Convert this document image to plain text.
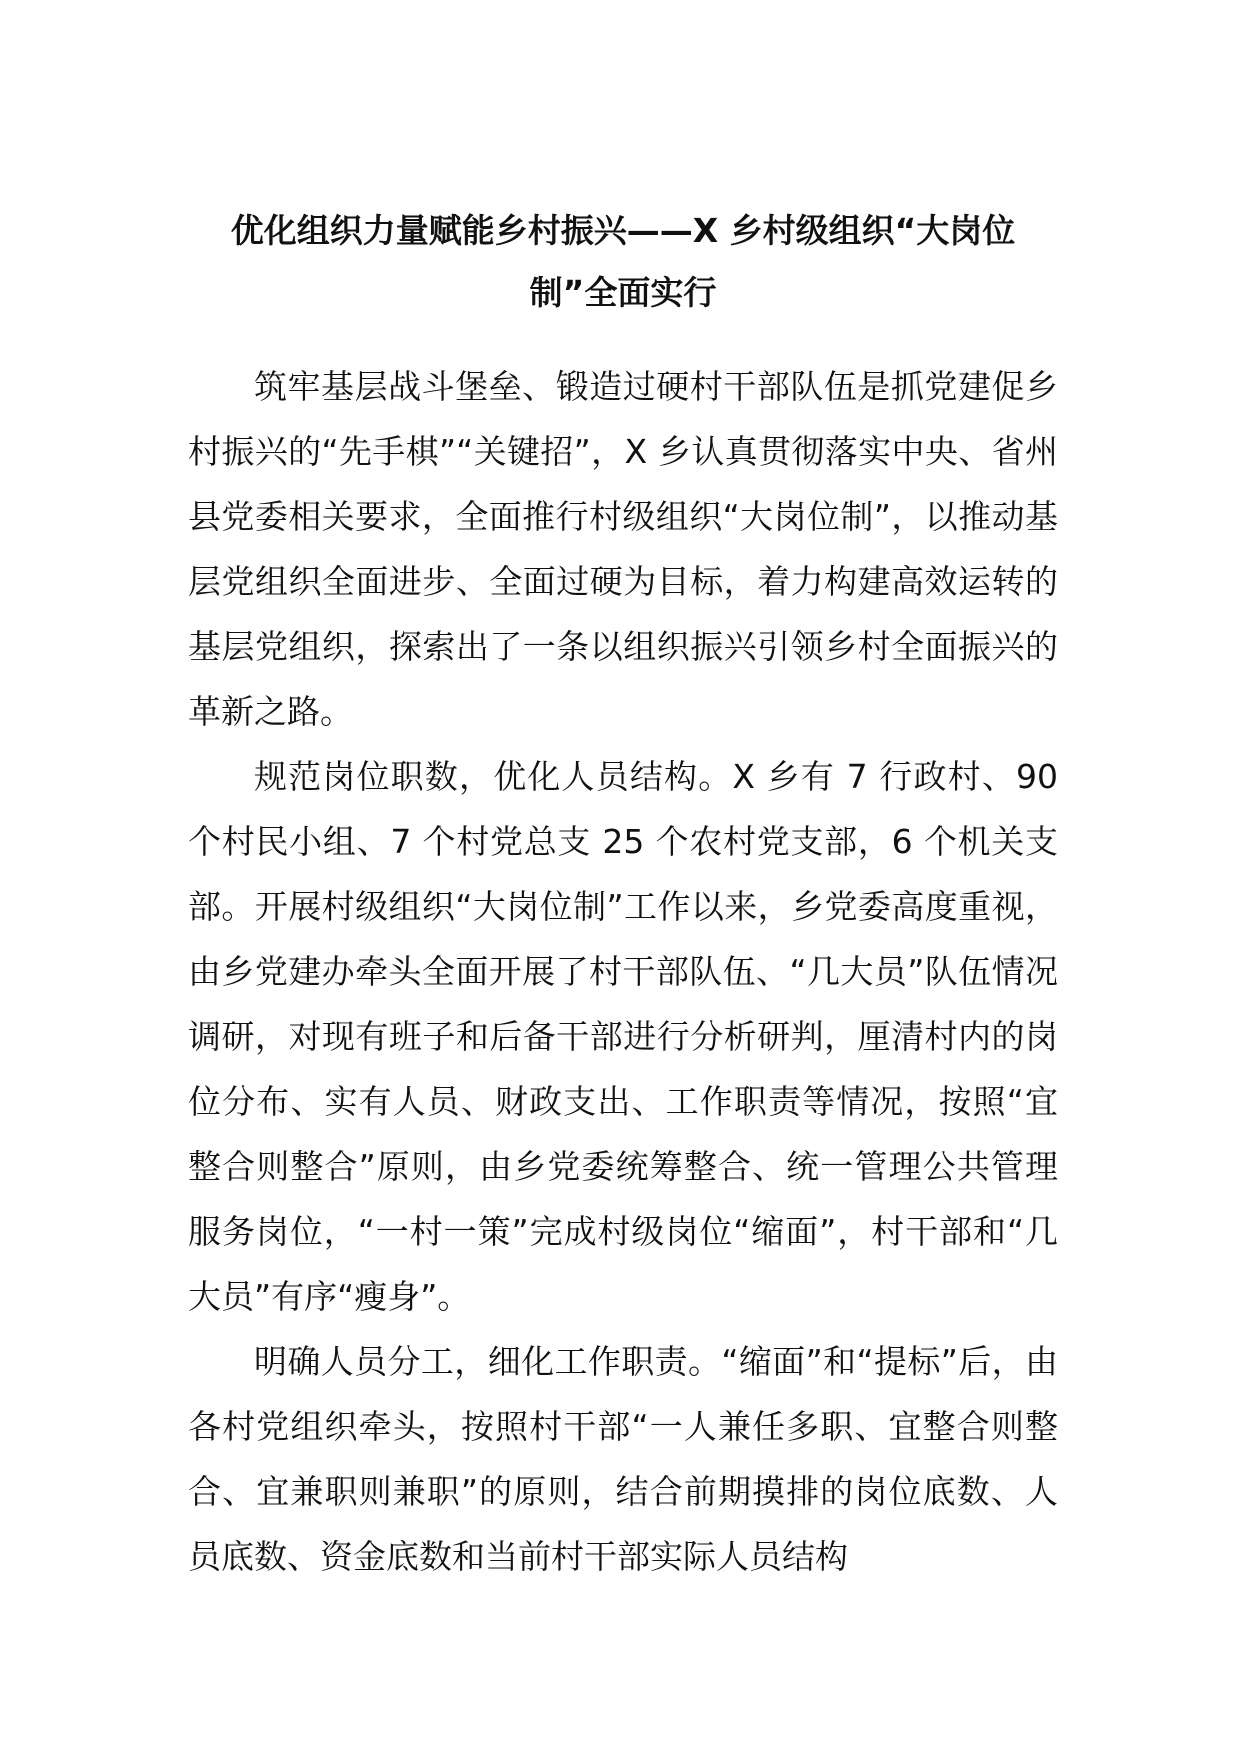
优化组织力量赋能乡村振兴——X 乡村级组织“大岗位
制”全面实行

筑牢基层战斗堡垒、锻造过硬村干部队伍是抓党建促乡村振兴的“先手棋”“关键招”，X 乡认真贯彻落实中央、省州县党委相关要求，全面推行村级组织“大岗位制”，以推动基层党组织全面进步、全面过硬为目标，着力构建高效运转的基层党组织，探索出了一条以组织振兴引领乡村全面振兴的革新之路。

规范岗位职数，优化人员结构。X 乡有 7 行政村、90 个村民小组、7 个村党总支 25 个农村党支部，6 个机关支部。开展村级组织“大岗位制”工作以来，乡党委高度重视，由乡党建办牵头全面开展了村干部队伍、“几大员”队伍情况调研，对现有班子和后备干部进行分析研判，厘清村内的岗位分布、实有人员、财政支出、工作职责等情况，按照“宜整合则整合”原则，由乡党委统筹整合、统一管理公共管理服务岗位，“一村一策”完成村级岗位“缩面”，村干部和“几大员”有序“瘦身”。

明确人员分工，细化工作职责。“缩面”和“提标”后，由各村党组织牵头，按照村干部“一人兼任多职、宜整合则整合、宜兼职则兼职”的原则，结合前期摸排的岗位底数、人员底数、资金底数和当前村干部实际人员结构
